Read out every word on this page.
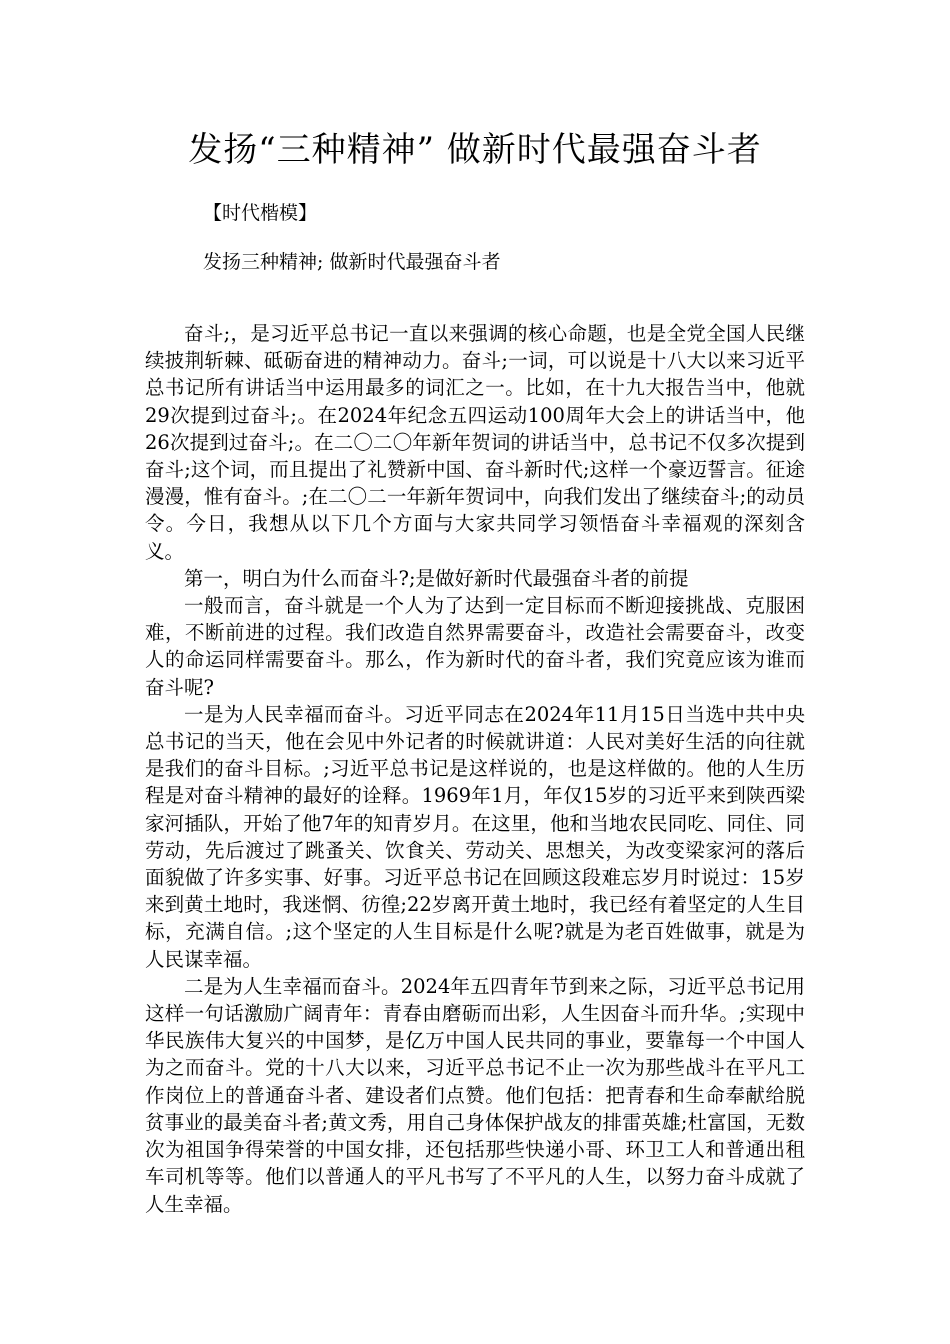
发扬“三种精神” 做新时代最强奋斗者
【时代楷模】
发扬三种精神; 做新时代最强奋斗者

奋斗;，是习近平总书记一直以来强调的核心命题，也是全党全国人民继续披荆斩棘、砥砺奋进的精神动力。奋斗;一词，可以说是十八大以来习近平总书记所有讲话当中运用最多的词汇之一。比如，在十九大报告当中，他就29次提到过奋斗;。在2024年纪念五四运动100周年大会上的讲话当中，他26次提到过奋斗;。在二〇二〇年新年贺词的讲话当中，总书记不仅多次提到奋斗;这个词，而且提出了礼赞新中国、奋斗新时代;这样一个豪迈誓言。征途漫漫，惟有奋斗。;在二〇二一年新年贺词中，向我们发出了继续奋斗;的动员令。今日，我想从以下几个方面与大家共同学习领悟奋斗幸福观的深刻含义。

第一，明白为什么而奋斗?;是做好新时代最强奋斗者的前提

一般而言，奋斗就是一个人为了达到一定目标而不断迎接挑战、克服困难，不断前进的过程。我们改造自然界需要奋斗，改造社会需要奋斗，改变人的命运同样需要奋斗。那么，作为新时代的奋斗者，我们究竟应该为谁而奋斗呢?

一是为人民幸福而奋斗。习近平同志在2024年11月15日当选中共中央总书记的当天，他在会见中外记者的时候就讲道：人民对美好生活的向往就是我们的奋斗目标。;习近平总书记是这样说的，也是这样做的。他的人生历程是对奋斗精神的最好的诠释。1969年1月，年仅15岁的习近平来到陕西梁家河插队，开始了他7年的知青岁月。在这里，他和当地农民同吃、同住、同劳动，先后渡过了跳蚤关、饮食关、劳动关、思想关，为改变梁家河的落后面貌做了许多实事、好事。习近平总书记在回顾这段难忘岁月时说过：15岁来到黄土地时，我迷惘、彷徨;22岁离开黄土地时，我已经有着坚定的人生目标，充满自信。;这个坚定的人生目标是什么呢?就是为老百姓做事，就是为人民谋幸福。

二是为人生幸福而奋斗。2024年五四青年节到来之际，习近平总书记用这样一句话激励广阔青年：青春由磨砺而出彩，人生因奋斗而升华。;实现中华民族伟大复兴的中国梦，是亿万中国人民共同的事业，要靠每一个中国人为之而奋斗。党的十八大以来，习近平总书记不止一次为那些战斗在平凡工作岗位上的普通奋斗者、建设者们点赞。他们包括：把青春和生命奉献给脱贫事业的最美奋斗者;黄文秀，用自己身体保护战友的排雷英雄;杜富国，无数次为祖国争得荣誉的中国女排，还包括那些快递小哥、环卫工人和普通出租车司机等等。他们以普通人的平凡书写了不平凡的人生，以努力奋斗成就了人生幸福。
